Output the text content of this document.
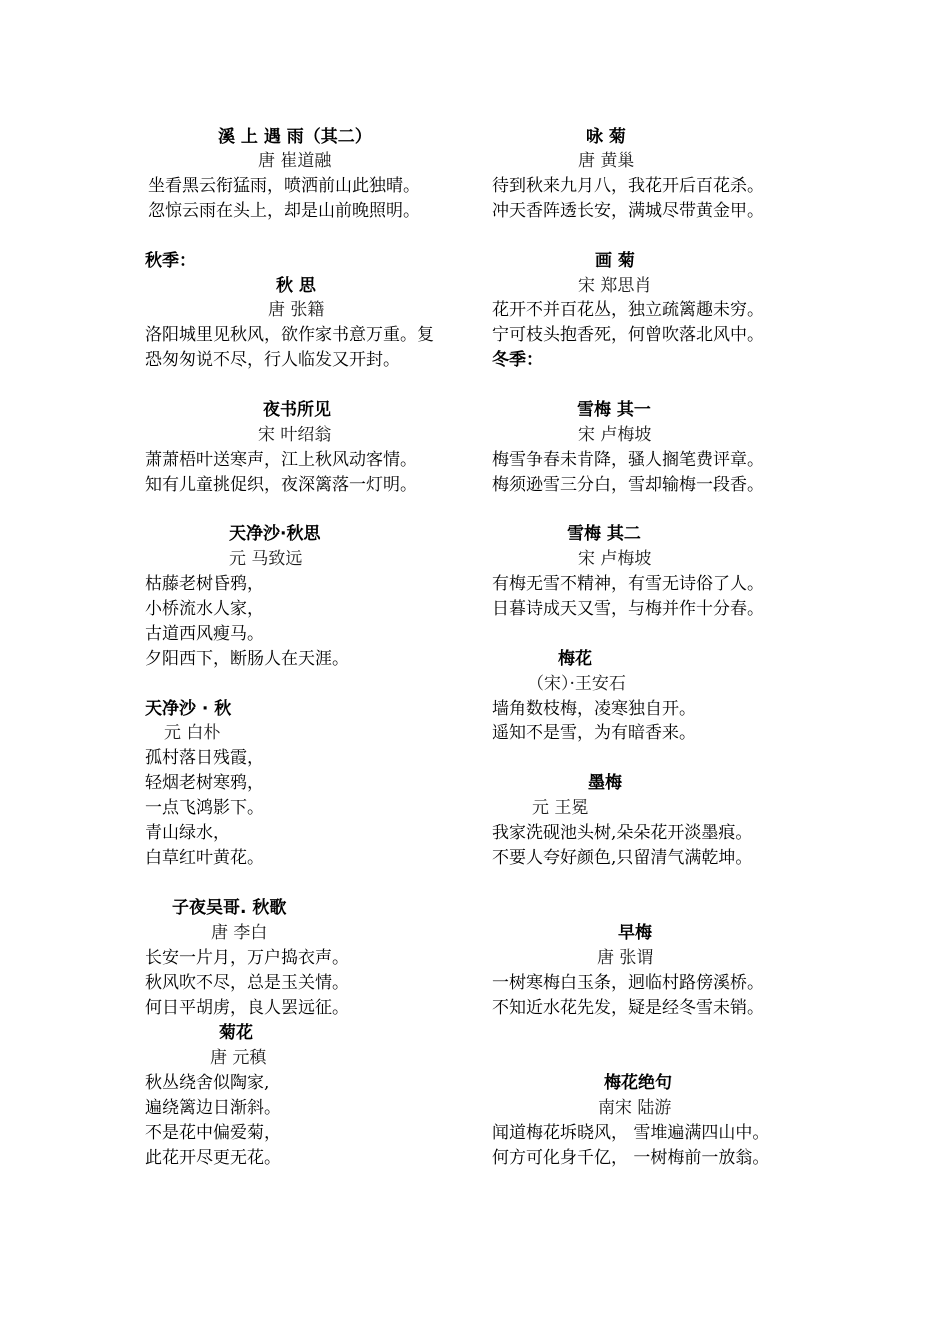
溪 上 遇 雨（其二）
唐 崔道融
坐看黑云衔猛雨，喷洒前山此独晴。
忽惊云雨在头上，却是山前晚照明。
秋季：
秋 思
唐 张籍
洛阳城里见秋风，欲作家书意万重。复
恐匆匆说不尽，行人临发又开封。
夜书所见
宋 叶绍翁
萧萧梧叶送寒声，江上秋风动客情。
知有儿童挑促织，夜深篱落一灯明。
天净沙·秋思
元 马致远
枯藤老树昏鸦，
小桥流水人家，
古道西风瘦马。
夕阳西下，断肠人在天涯。
天净沙 · 秋
元 白朴
孤村落日残霞，
轻烟老树寒鸦，
一点飞鸿影下。
青山绿水，
白草红叶黄花。
子夜吴哥. 秋歌
唐 李白
长安一片月，万户捣衣声。
秋风吹不尽，总是玉关情。
何日平胡虏，良人罢远征。
菊花
唐 元稹
秋丛绕舍似陶家,
遍绕篱边日渐斜。
不是花中偏爱菊，
此花开尽更无花。
咏 菊
唐 黄巢
待到秋来九月八，我花开后百花杀。
冲天香阵透长安，满城尽带黄金甲。
画 菊
宋 郑思肖
花开不并百花丛，独立疏篱趣未穷。
宁可枝头抱香死，何曾吹落北风中。
冬季：
雪梅 其一
宋 卢梅坡
梅雪争春未肯降，骚人搁笔费评章。
梅须逊雪三分白，雪却输梅一段香。
雪梅 其二
宋 卢梅坡
有梅无雪不精神，有雪无诗俗了人。
日暮诗成天又雪，与梅并作十分春。
梅花
（宋）·王安石
墙角数枝梅，凌寒独自开。
遥知不是雪，为有暗香来。
墨梅
元 王冕
我家洗砚池头树,朵朵花开淡墨痕。
不要人夸好颜色,只留清气满乾坤。
早梅
唐 张谓
一树寒梅白玉条，迥临村路傍溪桥。
不知近水花先发，疑是经冬雪未销。
梅花绝句
南宋 陆游
闻道梅花坼晓风， 雪堆遍满四山中。
何方可化身千亿， 一树梅前一放翁。
